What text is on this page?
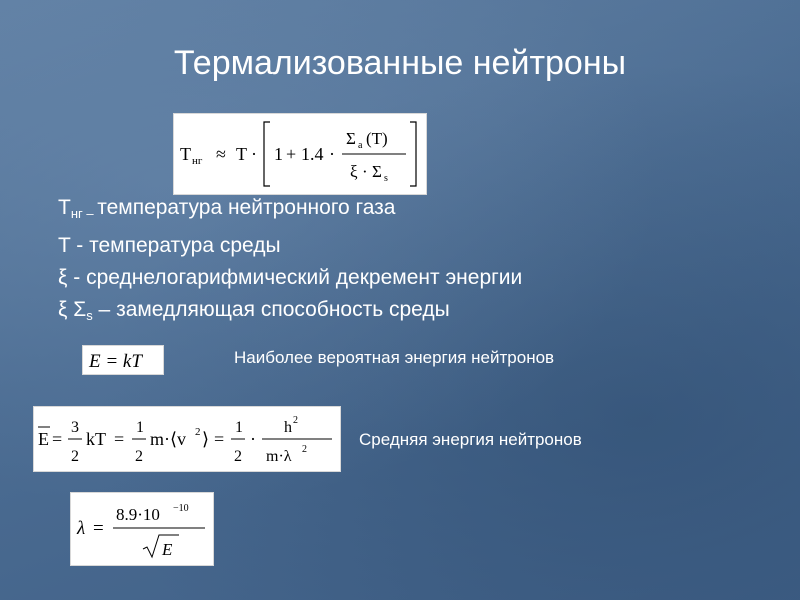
Термализованные нейтроны
T нг ≈ T · 1 + 1.4 ·
Σ a (T)
ξ · Σ s
$T_{нг -}$ температура нейтронного газа
T - температура среды
ξ - среднелогарифмический декремент энергии
ξ $\Sigma_s$ – замедляющая способность среды
E = kT	Наиболее вероятная энергия нейтронов
E =
3
2
kT =
1
2
m·⟨v 2 ⟩ =
1
2
·
h 2
m·λ 2
Средняя энергия нейтронов
λ =
8.9·10 −10
E
